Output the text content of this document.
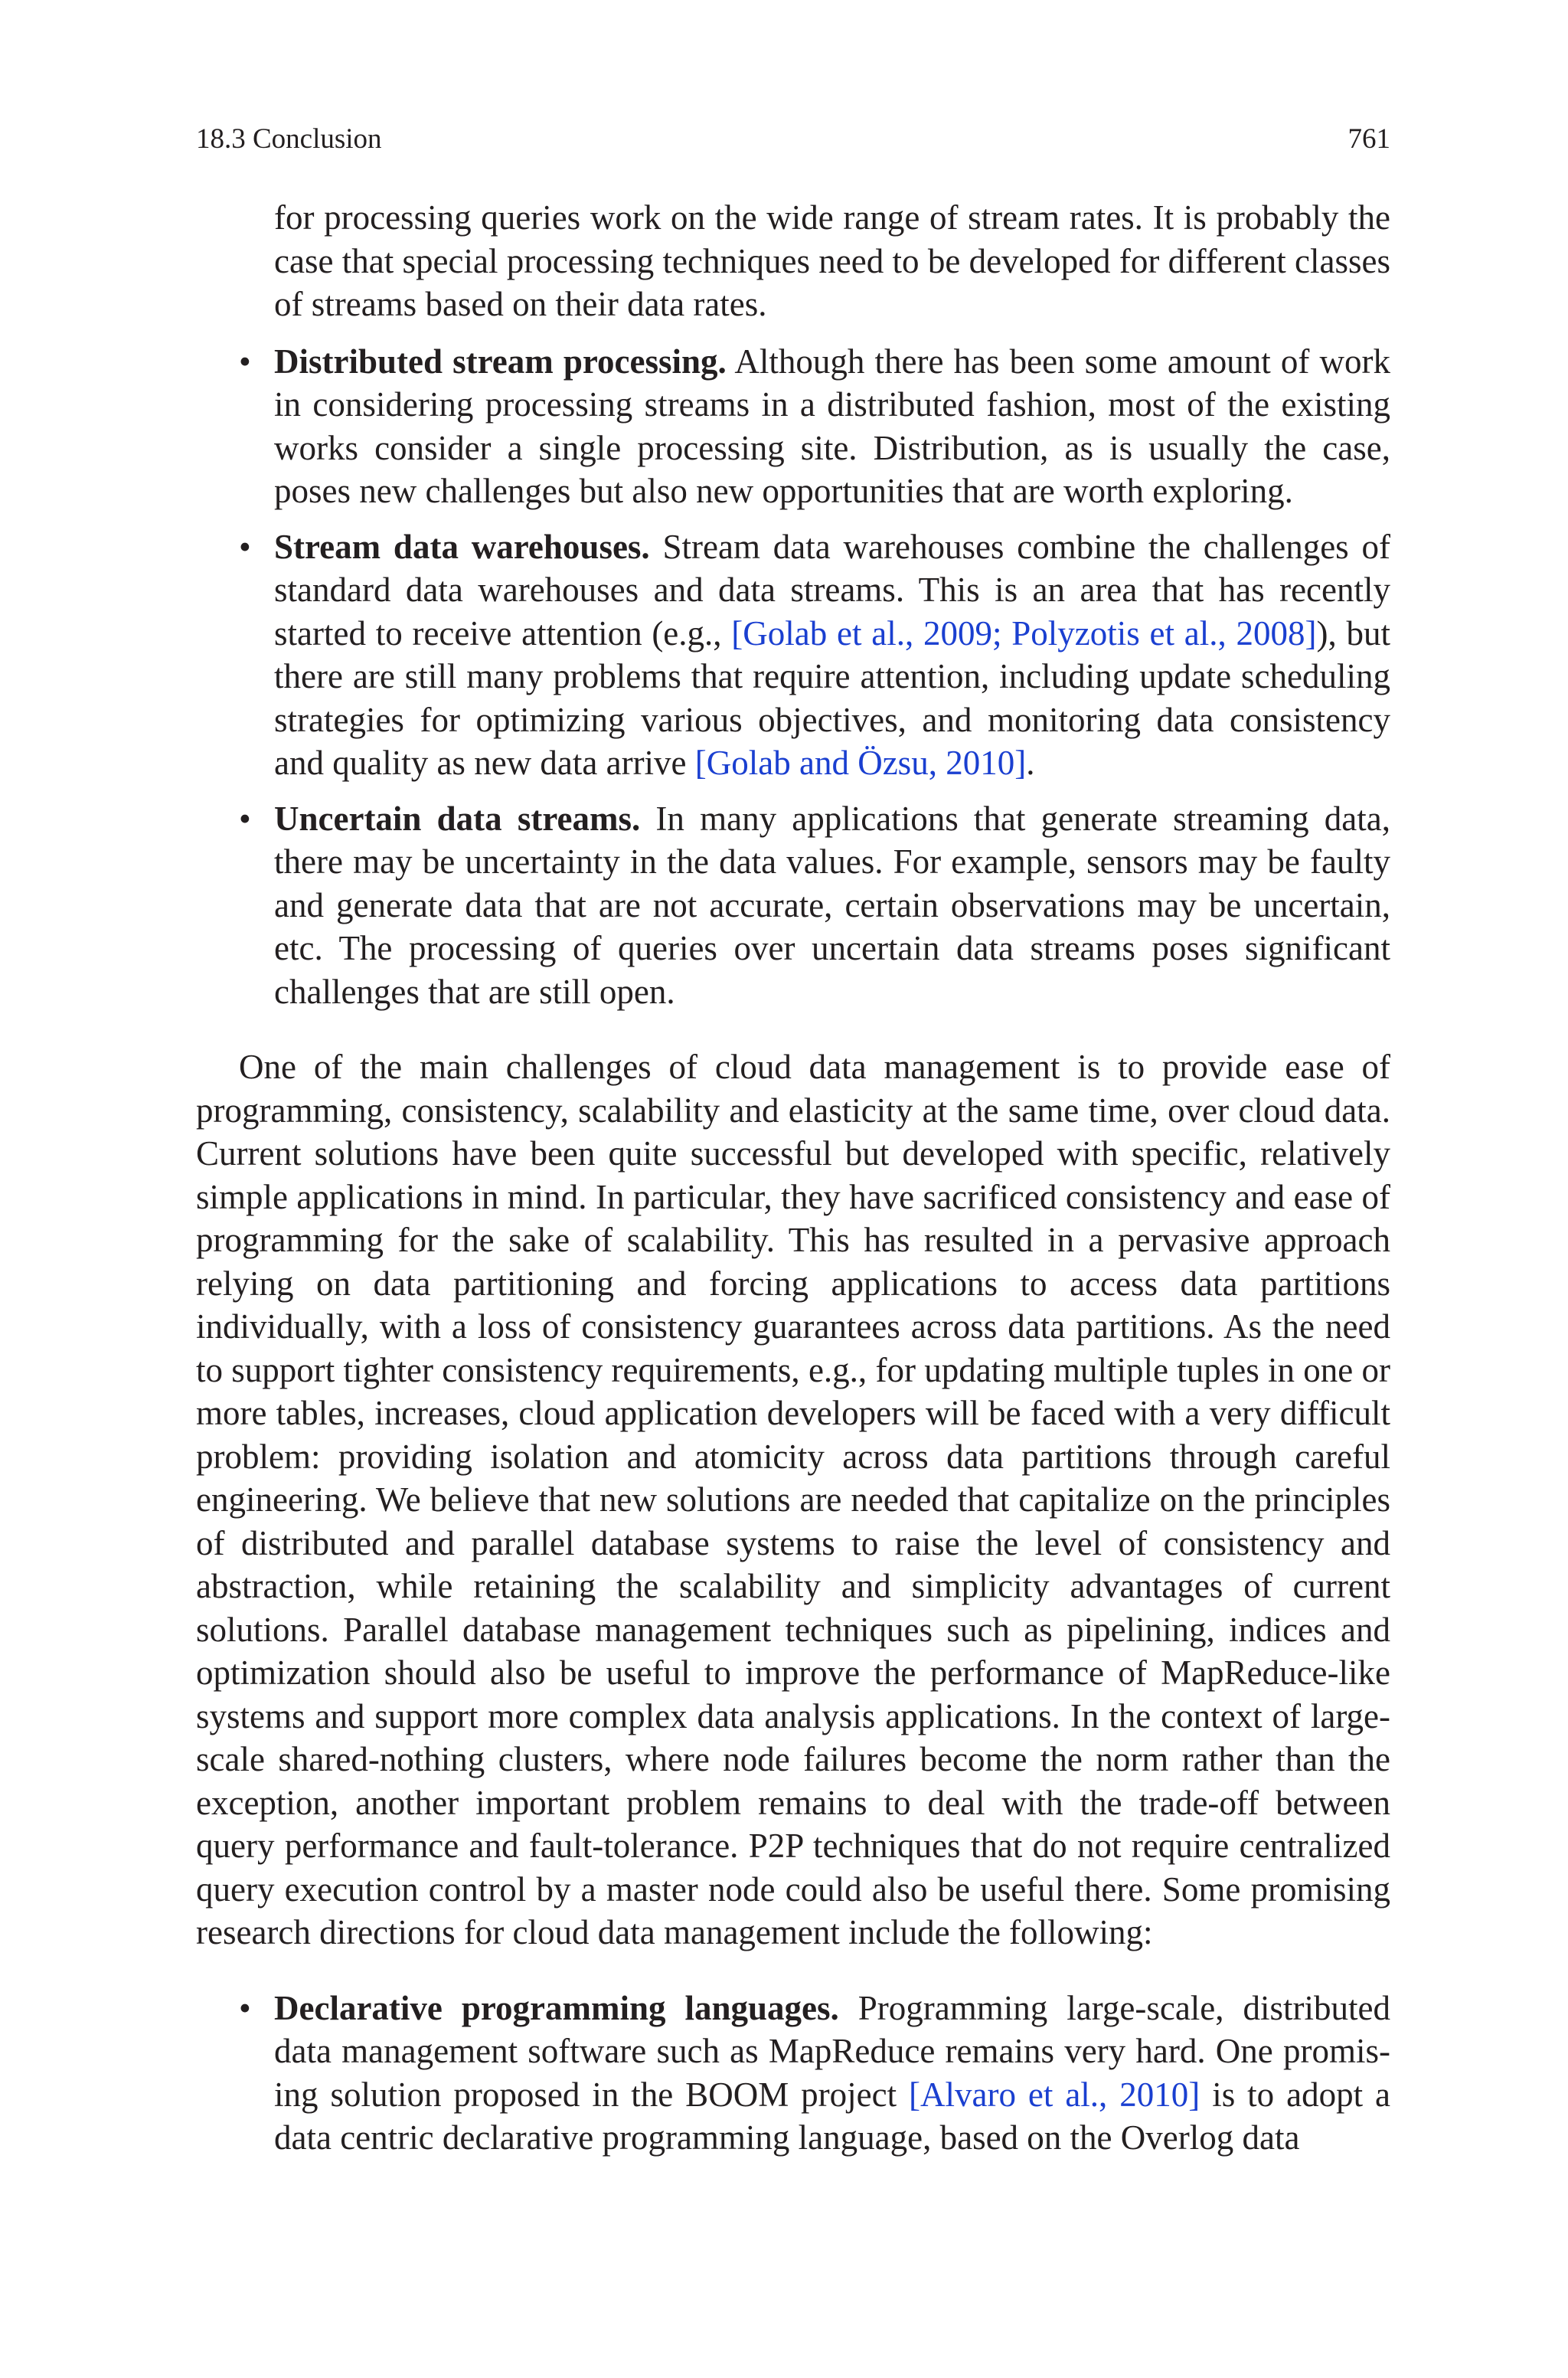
18.3 Conclusion	761

for processing queries work on the wide range of stream rates. It is probably the case that special processing techniques need to be developed for different classes of streams based on their data rates.

• Distributed stream processing. Although there has been some amount of work in considering processing streams in a distributed fashion, most of the existing works consider a single processing site. Distribution, as is usually the case, poses new challenges but also new opportunities that are worth exploring.
• Stream data warehouses. Stream data warehouses combine the challenges of standard data warehouses and data streams. This is an area that has recently started to receive attention (e.g., [Golab et al., 2009; Polyzotis et al., 2008]), but there are still many problems that require attention, including update scheduling strategies for optimizing various objectives, and monitoring data consistency and quality as new data arrive [Golab and Özsu, 2010].
• Uncertain data streams. In many applications that generate streaming data, there may be uncertainty in the data values. For example, sensors may be faulty and generate data that are not accurate, certain observations may be uncertain, etc. The processing of queries over uncertain data streams poses significant challenges that are still open.

One of the main challenges of cloud data management is to provide ease of programming, consistency, scalability and elasticity at the same time, over cloud data. Current solutions have been quite successful but developed with specific, relatively simple applications in mind. In particular, they have sacrificed consistency and ease of programming for the sake of scalability. This has resulted in a pervasive approach relying on data partitioning and forcing applications to access data partitions individually, with a loss of consistency guarantees across data partitions. As the need to support tighter consistency requirements, e.g., for updating multiple tuples in one or more tables, increases, cloud application developers will be faced with a very difficult problem: providing isolation and atomicity across data partitions through careful engineering. We believe that new solutions are needed that capitalize on the principles of distributed and parallel database systems to raise the level of consistency and abstraction, while retaining the scalability and simplicity advantages of current solutions. Parallel database management techniques such as pipelining, indices and optimization should also be useful to improve the performance of MapReduce-like systems and support more complex data analysis applications. In the context of large-scale shared-nothing clusters, where node failures become the norm rather than the exception, another important problem remains to deal with the trade-off between query performance and fault-tolerance. P2P techniques that do not require centralized query execution control by a master node could also be useful there. Some promising research directions for cloud data management include the following:

• Declarative programming languages. Programming large-scale, distributed data management software such as MapReduce remains very hard. One promis-ing solution proposed in the BOOM project [Alvaro et al., 2010] is to adopt a data centric declarative programming language, based on the Overlog data
